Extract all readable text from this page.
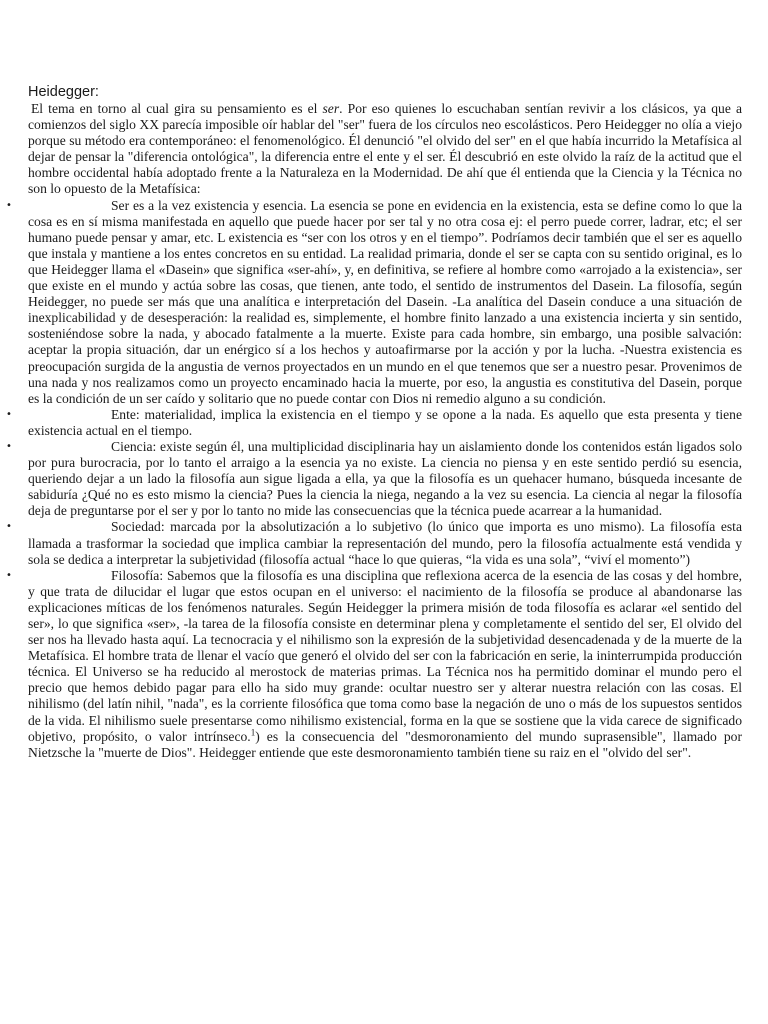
Heidegger:

El tema en torno al cual gira su pensamiento es el ser. Por eso quienes lo escuchaban sentían revivir a los clásicos, ya que a comienzos del siglo XX parecía imposible oír hablar del "ser" fuera de los círculos neo escolásticos. Pero Heidegger no olía a viejo porque su método era contemporáneo: el fenomenológico. Él denunció "el olvido del ser" en el que había incurrido la Metafísica al dejar de pensar la "diferencia ontológica", la diferencia entre el ente y el ser. Él descubrió en este olvido la raíz de la actitud que el hombre occidental había adoptado frente a la Naturaleza en la Modernidad. De ahí que él entienda que la Ciencia y la Técnica no son lo opuesto de la Metafísica:

•	Ser es a la vez existencia y esencia. La esencia se pone en evidencia en la existencia, esta se define como lo que la cosa es en sí misma manifestada en aquello que puede hacer por ser tal y no otra cosa ej: el perro puede correr, ladrar, etc; el ser humano puede pensar y amar, etc. L existencia es “ser con los otros y en el tiempo”. Podríamos decir también que el ser es aquello que instala y mantiene a los entes concretos en su entidad. La realidad primaria, donde el ser se capta con su sentido original, es lo que Heidegger llama el «Dasein» que significa «ser-ahí», y, en definitiva, se refiere al hombre como «arrojado a la existencia», ser que existe en el mundo y actúa sobre las cosas, que tienen, ante todo, el sentido de instrumentos del Dasein. La filosofía, según Heidegger, no puede ser más que una analítica e interpretación del Dasein. -La analítica del Dasein conduce a una situación de inexplicabilidad y de desesperación: la realidad es, simplemente, el hombre finito lanzado a una existencia incierta y sin sentido, sosteniéndose sobre la nada, y abocado fatalmente a la muerte. Existe para cada hombre, sin embargo, una posible salvación: aceptar la propia situación, dar un enérgico sí a los hechos y autoafirmarse por la acción y por la lucha. -Nuestra existencia es preocupación surgida de la angustia de vernos proyectados en un mundo en el que tenemos que ser a nuestro pesar. Provenimos de una nada y nos realizamos como un proyecto encaminado hacia la muerte, por eso, la angustia es constitutiva del Dasein, porque es la condición de un ser caído y solitario que no puede contar con Dios ni remedio alguno a su condición.
•	Ente: materialidad, implica la existencia en el tiempo y se opone a la nada. Es aquello que esta presenta y tiene existencia actual en el tiempo.
•	Ciencia: existe según él, una multiplicidad disciplinaria hay un aislamiento donde los contenidos están ligados solo por pura burocracia, por lo tanto el arraigo a la esencia ya no existe. La ciencia no piensa y en este sentido perdió su esencia, queriendo dejar a un lado la filosofía aun sigue ligada a ella, ya que la filosofía es un quehacer humano, búsqueda incesante de sabiduría ¿Qué no es esto mismo la ciencia? Pues la ciencia la niega, negando a la vez su esencia. La ciencia al negar la filosofía deja de preguntarse por el ser y por lo tanto no mide las consecuencias que la técnica puede acarrear a la humanidad.
•	Sociedad: marcada por la absolutización a lo subjetivo (lo único que importa es uno mismo). La filosofía esta llamada a trasformar la sociedad que implica cambiar la representación del mundo, pero la filosofía actualmente está vendida y sola se dedica a interpretar la subjetividad (filosofía actual “hace lo que quieras, “la vida es una sola”, “viví el momento”)
•	Filosofía: Sabemos que la filosofía es una disciplina que reflexiona acerca de la esencia de las cosas y del hombre, y que trata de dilucidar el lugar que estos ocupan en el universo: el nacimiento de la filosofía se produce al abandonarse las explicaciones míticas de los fenómenos naturales. Según Heidegger la primera misión de toda filosofía es aclarar «el sentido del ser», lo que significa «ser», -la tarea de la filosofía consiste en determinar plena y completamente el sentido del ser, El olvido del ser nos ha llevado hasta aquí. La tecnocracia y el nihilismo son la expresión de la subjetividad desencadenada y de la muerte de la Metafísica. El hombre trata de llenar el vacío que generó el olvido del ser con la fabricación en serie, la ininterrumpida producción técnica. El Universo se ha reducido al merostock de materias primas. La Técnica nos ha permitido dominar el mundo pero el precio que hemos debido pagar para ello ha sido muy grande: ocultar nuestro ser y alterar nuestra relación con las cosas. El nihilismo (del latín nihil, "nada", es la corriente filosófica que toma como base la negación de uno o más de los supuestos sentidos de la vida. El nihilismo suele presentarse como nihilismo existencial, forma en la que se sostiene que la vida carece de significado objetivo, propósito, o valor intrínseco.$^1$) es la consecuencia del "desmoronamiento del mundo suprasensible", llamado por Nietzsche la "muerte de Dios". Heidegger entiende que este desmoronamiento también tiene su raiz en el "olvido del ser".
